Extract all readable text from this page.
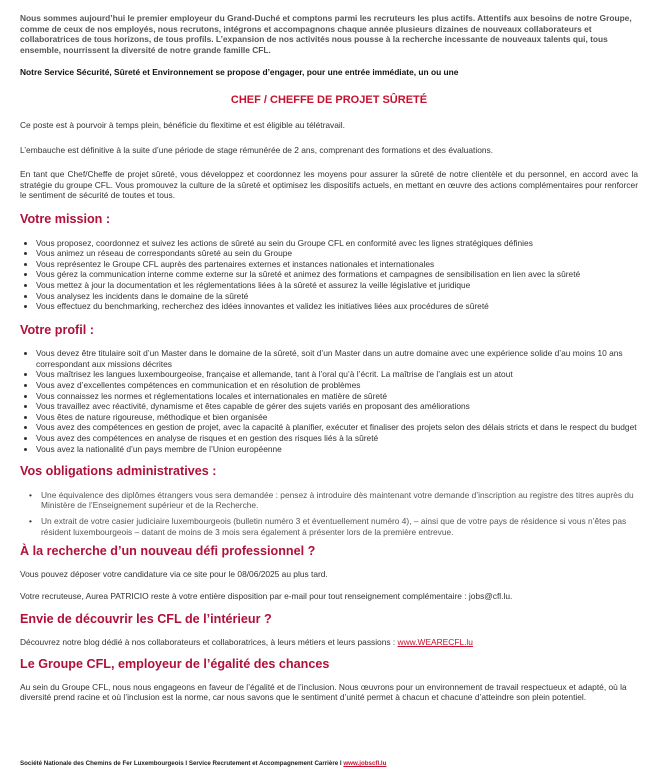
Nous sommes aujourd’hui le premier employeur du Grand-Duché et comptons parmi les recruteurs les plus actifs. Attentifs aux besoins de notre Groupe, comme de ceux de nos employés, nous recrutons, intégrons et accompagnons chaque année plusieurs dizaines de nouveaux collaborateurs et collaboratrices de tous horizons, de tous profils. L’expansion de nos activités nous pousse à la recherche incessante de nouveaux talents qui, tous ensemble, nourrissent la diversité de notre grande famille CFL.

Notre Service Sécurité, Sûreté et Environnement se propose d’engager, pour une entrée immédiate, un ou une

CHEF / CHEFFE DE PROJET SÛRETÉ

Ce poste est à pourvoir à temps plein, bénéficie du flexitime et est éligible au télétravail.

L’embauche est définitive à la suite d’une période de stage rémunérée de 2 ans, comprenant des formations et des évaluations.

En tant que Chef/Cheffe de projet sûreté, vous développez et coordonnez les moyens pour assurer la sûreté de notre clientèle et du personnel, en accord avec la stratégie du groupe CFL. Vous promouvez la culture de la sûreté et optimisez les dispositifs actuels, en mettant en œuvre des actions complémentaires pour renforcer le sentiment de sécurité de toutes et tous.

Votre mission :
• Vous proposez, coordonnez et suivez les actions de sûreté au sein du Groupe CFL en conformité avec les lignes stratégiques définies
• Vous animez un réseau de correspondants sûreté au sein du Groupe
• Vous représentez le Groupe CFL auprès des partenaires externes et instances nationales et internationales
• Vous gérez la communication interne comme externe sur la sûreté et animez des formations et campagnes de sensibilisation en lien avec la sûreté
• Vous mettez à jour la documentation et les réglementations liées à la sûreté et assurez la veille législative et juridique
• Vous analysez les incidents dans le domaine de la sûreté
• Vous effectuez du benchmarking, recherchez des idées innovantes et validez les initiatives liées aux procédures de sûreté
Votre profil :
• Vous devez être titulaire soit d’un Master dans le domaine de la sûreté, soit d’un Master dans un autre domaine avec une expérience solide d’au moins 10 ans correspondant aux missions décrites
• Vous maîtrisez les langues luxembourgeoise, française et allemande, tant à l’oral qu’à l’écrit. La maîtrise de l’anglais est un atout
• Vous avez d’excellentes compétences en communication et en résolution de problèmes
• Vous connaissez les normes et réglementations locales et internationales en matière de sûreté
• Vous travaillez avec réactivité, dynamisme et êtes capable de gérer des sujets variés en proposant des améliorations
• Vous êtes de nature rigoureuse, méthodique et bien organisée
• Vous avez des compétences en gestion de projet, avec la capacité à planifier, exécuter et finaliser des projets selon des délais stricts et dans le respect du budget
• Vous avez des compétences en analyse de risques et en gestion des risques liés à la sûreté
• Vous avez la nationalité d’un pays membre de l’Union européenne
Vos obligations administratives :
• Une équivalence des diplômes étrangers vous sera demandée : pensez à introduire dès maintenant votre demande d’inscription au registre des titres auprès du Ministère de l’Enseignement supérieur et de la Recherche.
• Un extrait de votre casier judiciaire luxembourgeois (bulletin numéro 3 et éventuellement numéro 4), – ainsi que de votre pays de résidence si vous n’êtes pas résident luxembourgeois – datant de moins de 3 mois sera également à présenter lors de la première entrevue.
À la recherche d’un nouveau défi professionnel ?

Vous pouvez déposer votre candidature via ce site pour le 08/06/2025 au plus tard.

Votre recruteuse, Aurea PATRICIO reste à votre entière disposition par e-mail pour tout renseignement complémentaire : jobs@cfl.lu.

Envie de découvrir les CFL de l’intérieur ?

Découvrez notre blog dédié à nos collaborateurs et collaboratrices, à leurs métiers et leurs passions : www.WEARECFL.lu

Le Groupe CFL, employeur de l’égalité des chances

Au sein du Groupe CFL, nous nous engageons en faveur de l’égalité et de l’inclusion. Nous œuvrons pour un environnement de travail respectueux et adapté, où la diversité prend racine et où l’inclusion est la norme, car nous savons que le sentiment d’unité permet à chacun et chacune d’atteindre son plein potentiel.

Société Nationale des Chemins de Fer Luxembourgeois I Service Recrutement et Accompagnement Carrière I www.jobscfl.lu
